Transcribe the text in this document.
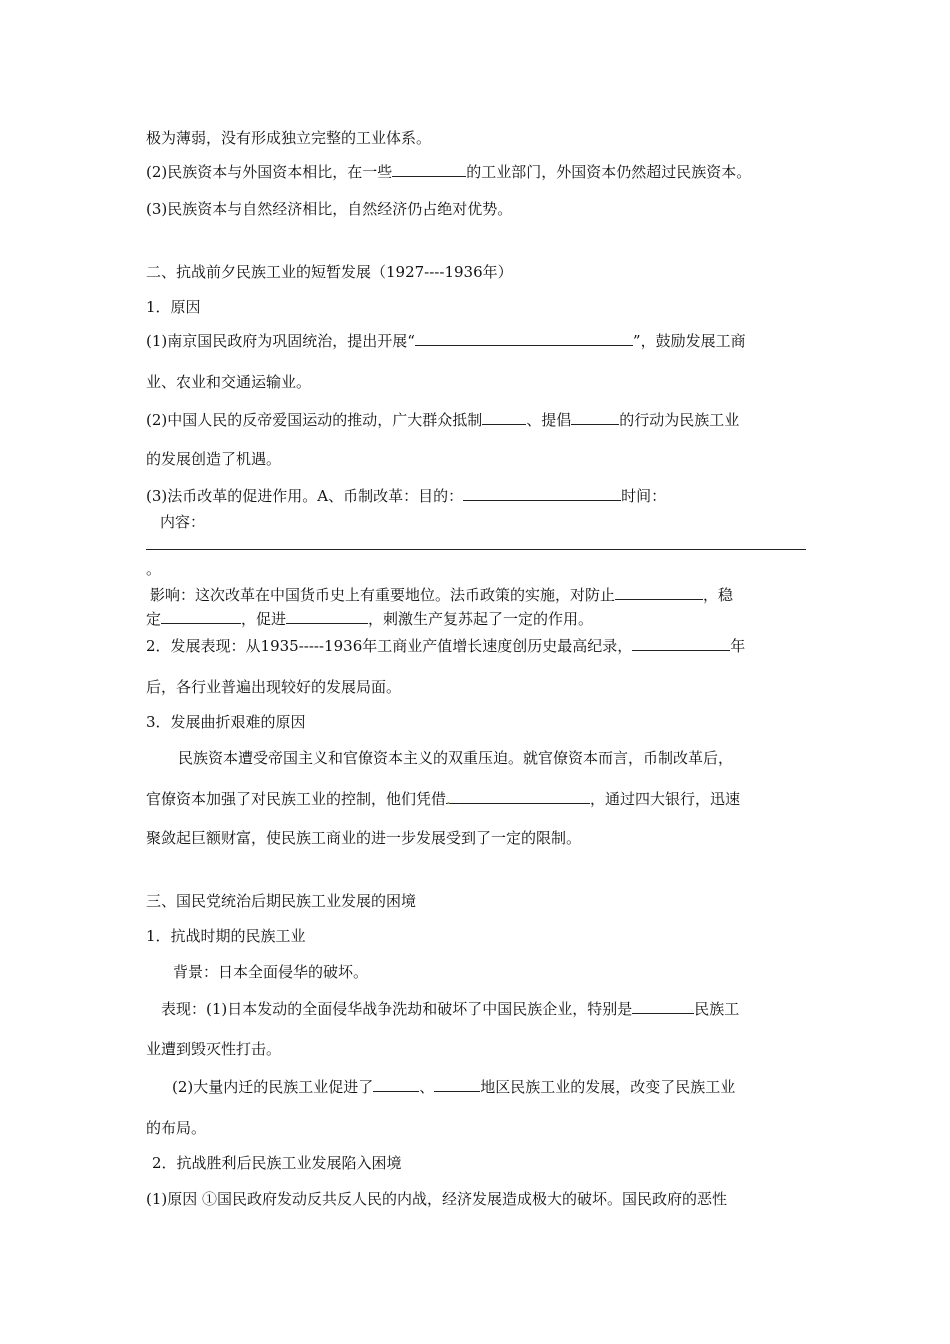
极为薄弱，没有形成独立完整的工业体系。
(2)民族资本与外国资本相比，在一些	的工业部门，外国资本仍然超过民族资本。
(3)民族资本与自然经济相比，自然经济仍占绝对优势。
二、抗战前夕民族工业的短暂发展（1927----1936年）
1．原因
(1)南京国民政府为巩固统治，提出开展“	”，鼓励发展工商
业、农业和交通运输业。
(2)中国人民的反帝爱国运动的推动，广大群众抵制	、提倡	的行动为民族工业
的发展创造了机遇。
(3)法币改革的促进作用。A、币制改革：目的：	时间：
内容：
。
影响：这次改革在中国货币史上有重要地位。法币政策的实施，对防止	，稳
定	，促进	，刺激生产复苏起了一定的作用。
2．发展表现：从1935-----1936年工商业产值增长速度创历史最高纪录，	年
后，各行业普遍出现较好的发展局面。
3．发展曲折艰难的原因
民族资本遭受帝国主义和官僚资本主义的双重压迫。就官僚资本而言，币制改革后，
官僚资本加强了对民族工业的控制，他们凭借.	，通过四大银行，迅速
聚敛起巨额财富，使民族工商业的进一步发展受到了一定的限制。
三、国民党统治后期民族工业发展的困境
1．抗战时期的民族工业
背景：日本全面侵华的破坏。
表现：(1)日本发动的全面侵华战争洗劫和破坏了中国民族企业，特别是	民族工
业遭到毁灭性打击。
(2)大量内迁的民族工业促进了	、	地区民族工业的发展，改变了民族工业
的布局。
2．抗战胜利后民族工业发展陷入困境
(1)原因 ①国民政府发动反共反人民的内战，经济发展造成极大的破坏。国民政府的恶性
